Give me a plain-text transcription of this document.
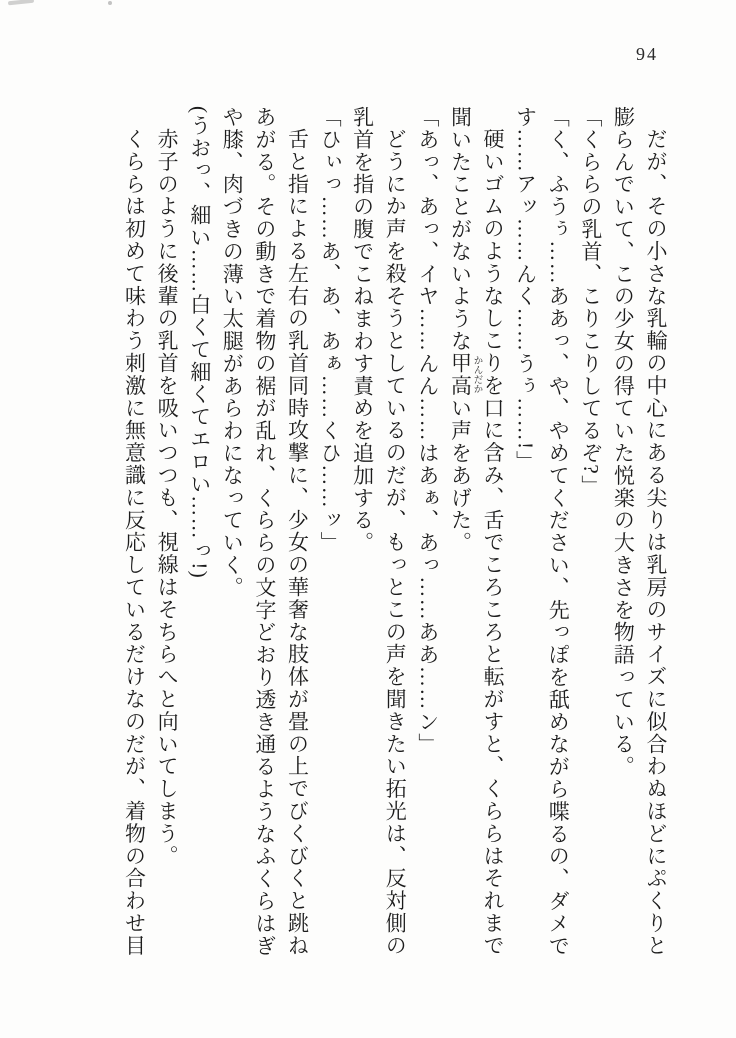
94

だが、その小さな乳輪の中心にある尖りは乳房のサイズに似合わぬほどにぷくりと膨らんでいて、この少女の得ていた悦楽の大きさを物語っている。

「くららの乳首、こりこりしてるぞ?」

「く、ふうぅ……ああっ、や、やめてください、先っぽを舐めながら喋るの、ダメです……アッ……んく……うぅ……!」

硬いゴムのようなしこりを口に含み、舌でころころと転がすと、くららはそれまで聞いたことがないような甲高 かんだかい声をあげた。

「あっ、あっ、イヤ……んん……はあぁ、あっ……ああ……ン」

どうにか声を殺そうとしているのだが、もっとこの声を聞きたい拓光は、反対側の乳首を指の腹でこねまわす責めを追加する。

「ひぃっ……あ、あ、あぁ……くひ……ッ」

舌と指による左右の乳首同時攻撃に、少女の華奢な肢体が畳の上でびくびくと跳ねあがる。その動きで着物の裾が乱れ、くららの文字どおり透き通るようなふくらはぎや膝、肉づきの薄い太腿があらわになっていく。

(うおっ、細い……白くて細くてエロい……っ!)

赤子のように後輩の乳首を吸いつつも、視線はそちらへと向いてしまう。

くららは初めて味わう刺激に無意識に反応しているだけなのだが、着物の合わせ目
